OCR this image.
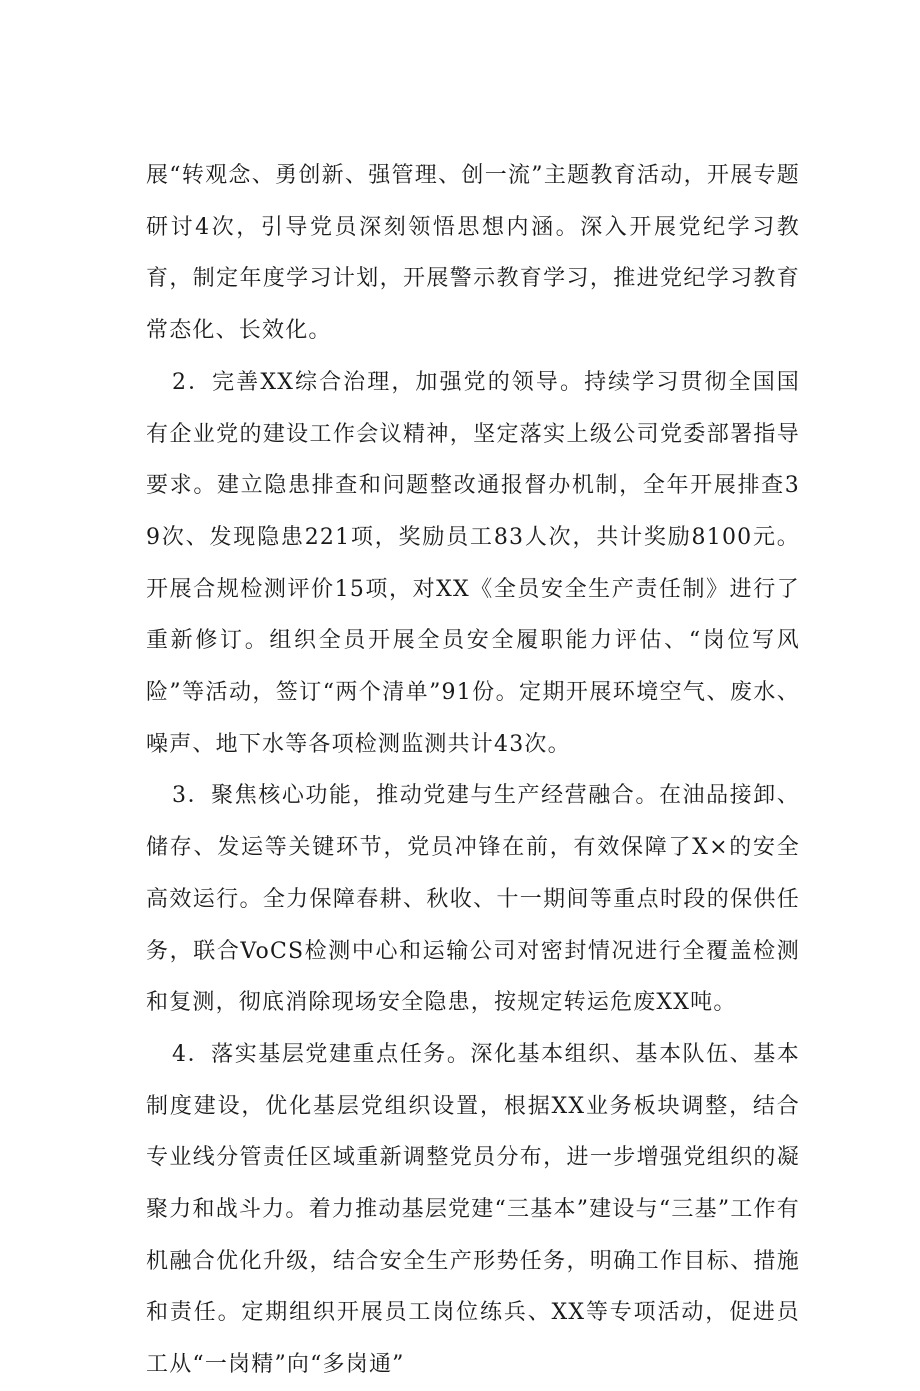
展“转观念、勇创新、强管理、创一流”主题教育活动，开展专题研讨4次，引导党员深刻领悟思想内涵。深入开展党纪学习教育，制定年度学习计划，开展警示教育学习，推进党纪学习教育常态化、长效化。

2．完善XX综合治理，加强党的领导。持续学习贯彻全国国有企业党的建设工作会议精神，坚定落实上级公司党委部署指导要求。建立隐患排查和问题整改通报督办机制，全年开展排查39次、发现隐患221项，奖励员工83人次，共计奖励8100元。开展合规检测评价15项，对XX《全员安全生产责任制》进行了重新修订。组织全员开展全员安全履职能力评估、“岗位写风险”等活动，签订“两个清单”91份。定期开展环境空气、废水、噪声、地下水等各项检测监测共计43次。

3．聚焦核心功能，推动党建与生产经营融合。在油品接卸、储存、发运等关键环节，党员冲锋在前，有效保障了X×的安全高效运行。全力保障春耕、秋收、十一期间等重点时段的保供任务，联合VoCS检测中心和运输公司对密封情况进行全覆盖检测和复测，彻底消除现场安全隐患，按规定转运危废XX吨。

4．落实基层党建重点任务。深化基本组织、基本队伍、基本制度建设，优化基层党组织设置，根据XX业务板块调整，结合专业线分管责任区域重新调整党员分布，进一步增强党组织的凝聚力和战斗力。着力推动基层党建“三基本”建设与“三基”工作有机融合优化升级，结合安全生产形势任务，明确工作目标、措施和责任。定期组织开展员工岗位练兵、XX等专项活动，促进员工从“一岗精”向“多岗通”
